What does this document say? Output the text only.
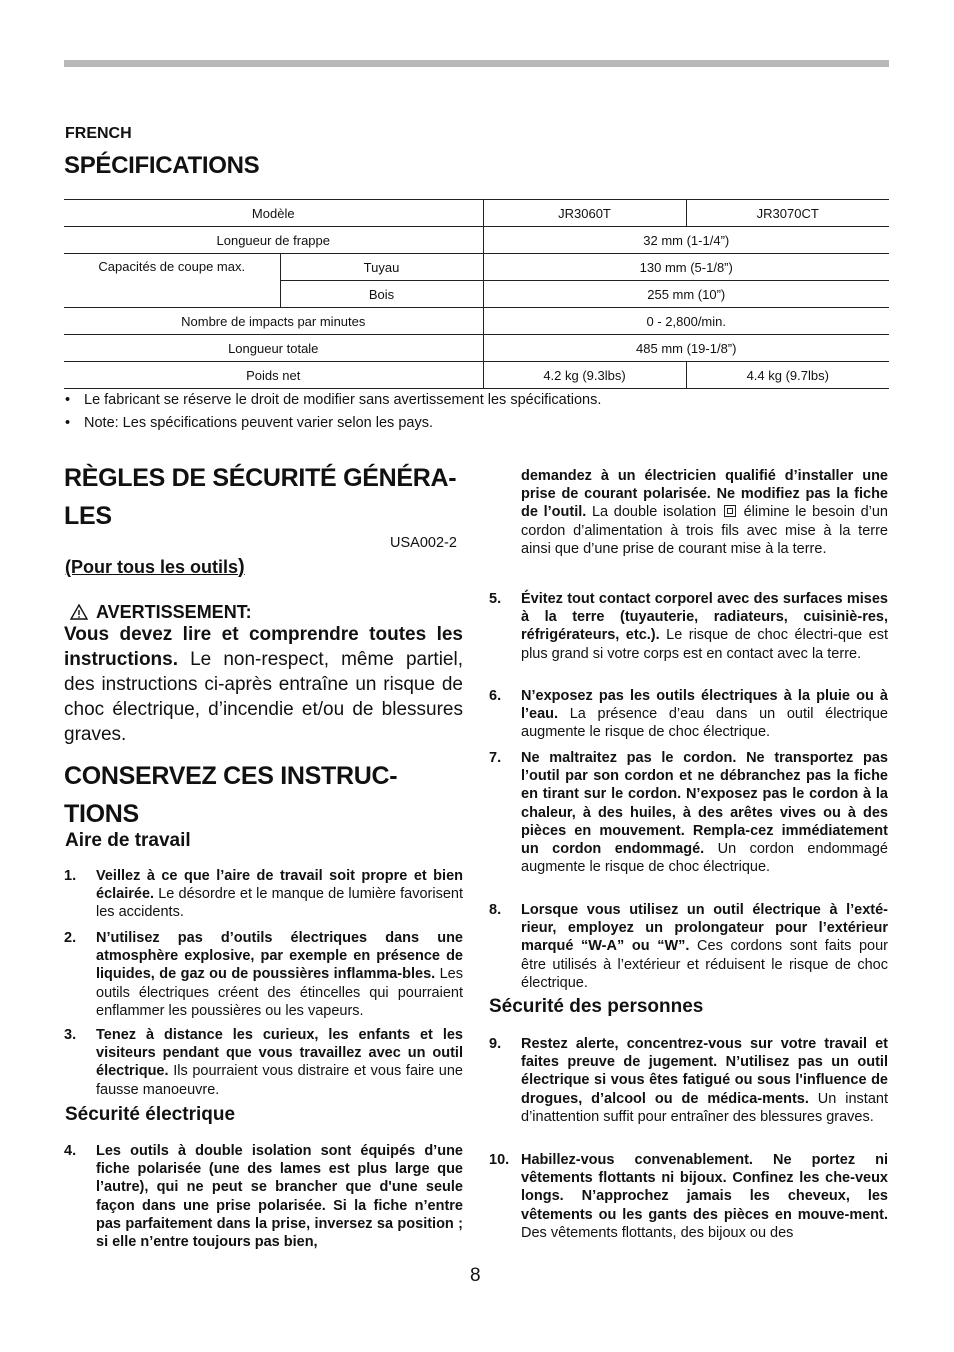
FRENCH
SPÉCIFICATIONS
Modèle		JR3060T	JR3070CT
Longueur de frappe		32 mm (1-1/4”)	
Capacités de coupe max.	Tuyau	130 mm (5-1/8”)	
	Bois	255 mm (10”)	
Nombre de impacts par minutes		0 - 2,800/min.	
Longueur totale		485 mm (19-1/8”)	
Poids net		4.2 kg (9.3lbs)	4.4 kg (9.7lbs)
• Le fabricant se réserve le droit de modifier sans avertissement les spécifications.
• Note: Les spécifications peuvent varier selon les pays.
RÈGLES DE SÉCURITÉ GÉNÉRA-
LES
USA002-2
(Pour tous les outils)
AVERTISSEMENT:
Vous devez lire et comprendre toutes les instructions. Le non-respect, même partiel, des instructions ci-après entraîne un risque de choc électrique, d’incendie et/ou de blessures graves.
CONSERVEZ CES INSTRUC-
TIONS
Aire de travail
1. Veillez à ce que l’aire de travail soit propre et bien éclairée. Le désordre et le manque de lumière favorisent les accidents.
2. N’utilisez pas d’outils électriques dans une atmosphère explosive, par exemple en présence de liquides, de gaz ou de poussières inflamma-bles. Les outils électriques créent des étincelles qui pourraient enflammer les poussières ou les vapeurs.
3. Tenez à distance les curieux, les enfants et les visiteurs pendant que vous travaillez avec un outil électrique. Ils pourraient vous distraire et vous faire une fausse manoeuvre.
Sécurité électrique
4. Les outils à double isolation sont équipés d’une fiche polarisée (une des lames est plus large que l’autre), qui ne peut se brancher que d'une seule façon dans une prise polarisée. Si la fiche n’entre pas parfaitement dans la prise, inversez sa position ; si elle n’entre toujours pas bien,
demandez à un électricien qualifié d’installer une prise de courant polarisée. Ne modifiez pas la fiche de l’outil. La double isolation  élimine le besoin d’un cordon d’alimentation à trois fils avec mise à la terre ainsi que d’une prise de courant mise à la terre.
5. Évitez tout contact corporel avec des surfaces mises à la terre (tuyauterie, radiateurs, cuisiniè-res, réfrigérateurs, etc.). Le risque de choc électri-que est plus grand si votre corps est en contact avec la terre.
6. N’exposez pas les outils électriques à la pluie ou à l’eau. La présence d’eau dans un outil électrique augmente le risque de choc électrique.
7. Ne maltraitez pas le cordon. Ne transportez pas l’outil par son cordon et ne débranchez pas la fiche en tirant sur le cordon. N’exposez pas le cordon à la chaleur, à des huiles, à des arêtes vives ou à des pièces en mouvement. Rempla-cez immédiatement un cordon endommagé. Un cordon endommagé augmente le risque de choc électrique.
8. Lorsque vous utilisez un outil électrique à l’exté-rieur, employez un prolongateur pour l’extérieur marqué “W-A” ou “W”. Ces cordons sont faits pour être utilisés à l’extérieur et réduisent le risque de choc électrique.
Sécurité des personnes
9. Restez alerte, concentrez-vous sur votre travail et faites preuve de jugement. N’utilisez pas un outil électrique si vous êtes fatigué ou sous l'influence de drogues, d’alcool ou de médica-ments. Un instant d’inattention suffit pour entraîner des blessures graves.
10. Habillez-vous convenablement. Ne portez ni vêtements flottants ni bijoux. Confinez les che-veux longs. N’approchez jamais les cheveux, les vêtements ou les gants des pièces en mouve-ment. Des vêtements flottants, des bijoux ou des
8
